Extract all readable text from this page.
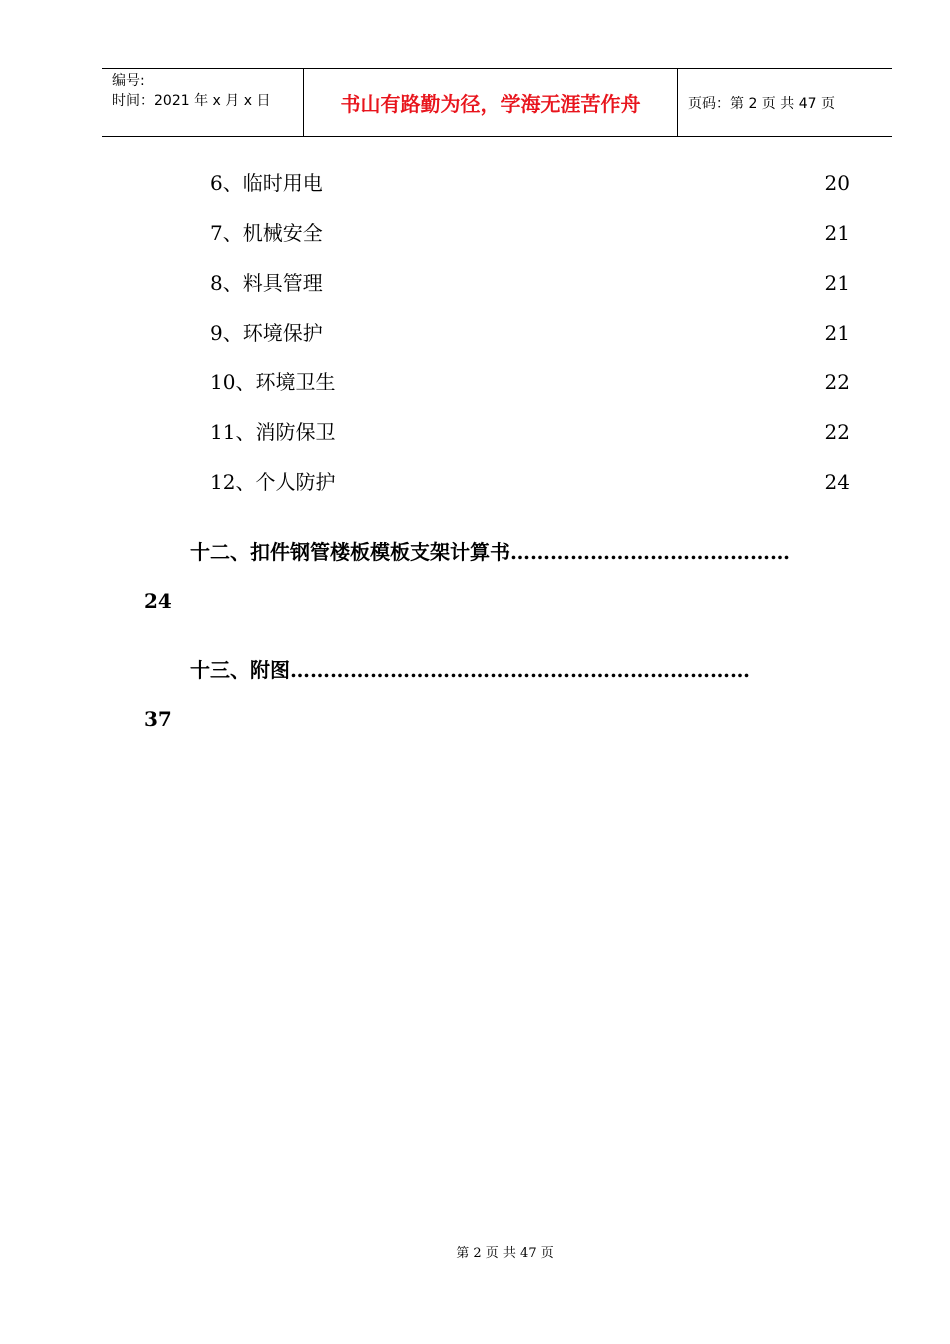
编号:
时间：2021 年 x 月 x 日	书山有路勤为径，学海无涯苦作舟	页码：第 2 页 共 47 页
6、临时用电	20
7、机械安全	21
8、料具管理	21
9、环境保护	21
10、环境卫生	22
11、消防保卫	22
12、个人防护	24
十二、扣件钢管楼板模板支架计算书……………………………………
24
十三、附图……………………………………………………………
37
第 2 页 共 47 页
